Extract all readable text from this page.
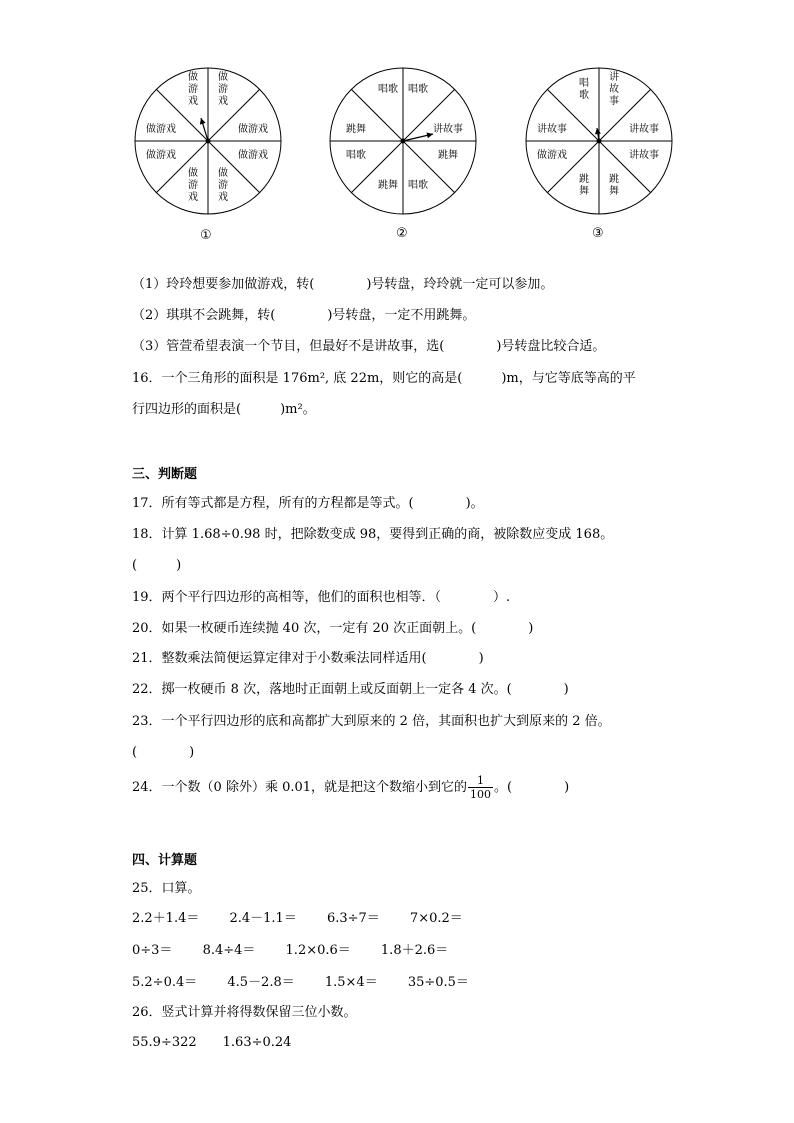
做游戏
做游戏
做游戏
做游戏
做游戏
做游戏
做游戏
做游戏
唱歌
讲故事
跳舞
唱歌
跳舞
唱歌
跳舞
唱歌
讲故事
讲故事
讲故事
跳舞
跳舞
做游戏
讲故事
唱歌
①	②	③
（1）玲玲想要参加做游戏，转(　　　　)号转盘，玲玲就一定可以参加。
（2）琪琪不会跳舞，转(　　　　)号转盘，一定不用跳舞。
（3）管萱希望表演一个节目，但最好不是讲故事，选(　　　　)号转盘比较合适。
16．一个三角形的面积是 176m², 底 22m，则它的高是(　　　)m，与它等底等高的平
行四边形的面积是(　　　)m²。
三、判断题
17．所有等式都是方程，所有的方程都是等式。(　　　　)。
18．计算 1.68÷0.98 时，把除数变成 98，要得到正确的商，被除数应变成 168。
(　　　)
19．两个平行四边形的高相等，他们的面积也相等．（　　　　）.
20．如果一枚硬币连续抛 40 次，一定有 20 次正面朝上。(　　　　)
21．整数乘法简便运算定律对于小数乘法同样适用(　　　　)
22．掷一枚硬币 8 次，落地时正面朝上或反面朝上一定各 4 次。(　　　　)
23．一个平行四边形的底和高都扩大到原来的 2 倍，其面积也扩大到原来的 2 倍。
(　　　　)
24．一个数（0 除外）乘 0.01，就是把这个数缩小到它的 $\frac{1}{100}$ 。(　　　　)
四、计算题
25．口算。
2.2＋1.4＝　　 2.4－1.1＝　　 6.3÷7＝　　 7×0.2＝
0÷3＝　　 8.4÷4＝　　 1.2×0.6＝　　 1.8＋2.6＝
5.2÷0.4＝　　 4.5－2.8＝　　 1.5×4＝　　 35÷0.5＝
26．竖式计算并将得数保留三位小数。
55.9÷322　　1.63÷0.24
